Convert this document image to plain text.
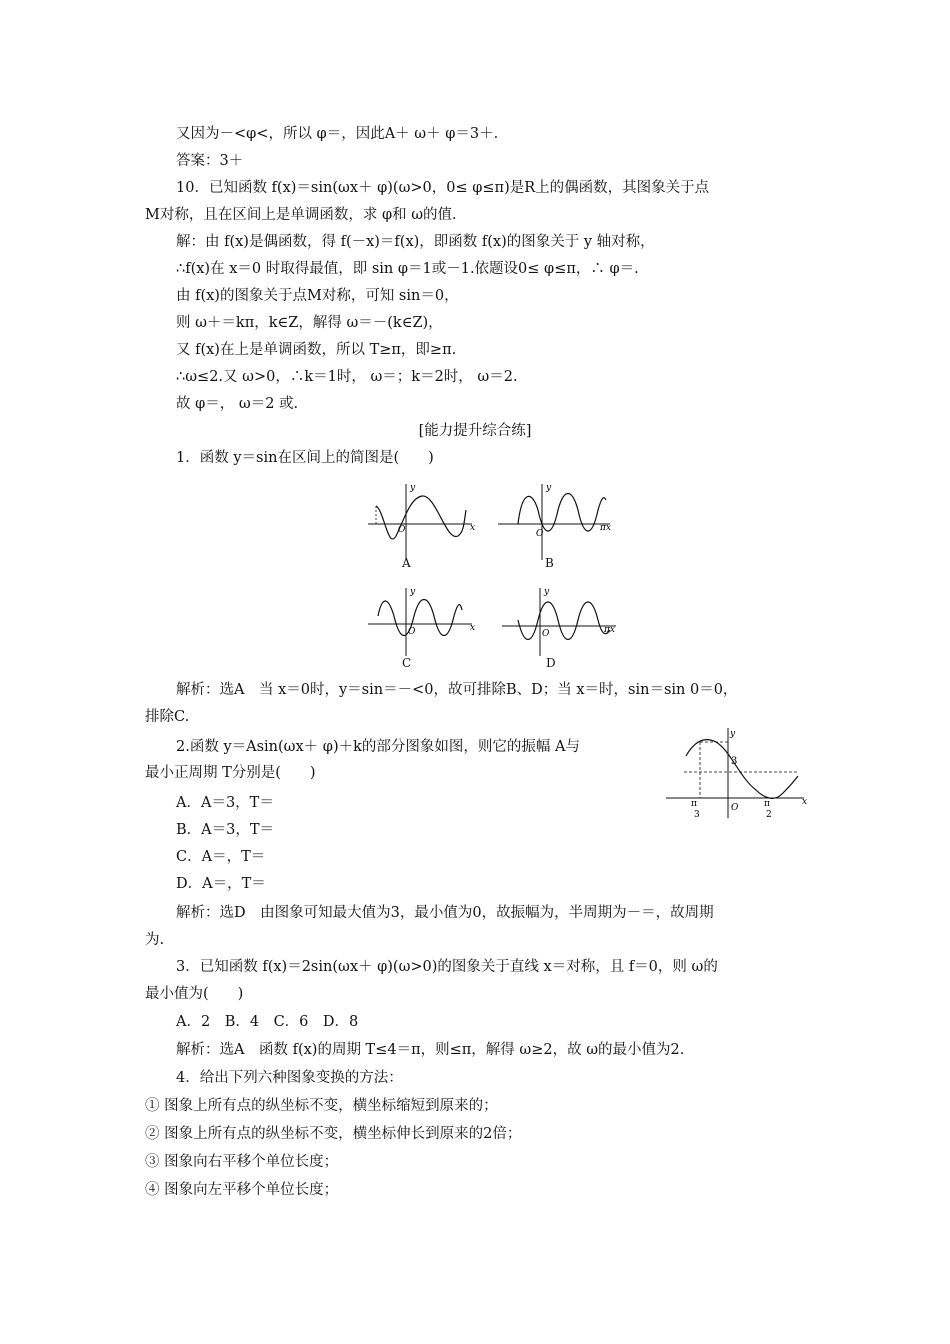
又因为－<φ<，所以 φ＝，因此A＋ ω＋ φ＝3＋.
答案：3＋
10．已知函数 f(x)＝sin(ωx＋ φ)(ω>0，0≤ φ≤π)是R上的偶函数，其图象关于点
M对称，且在区间上是单调函数，求 φ和 ω的值.
解：由 f(x)是偶函数，得 f(－x)＝f(x)，即函数 f(x)的图象关于 y 轴对称，
∴f(x)在 x＝0 时取得最值，即 sin φ＝1或－1.依题设0≤ φ≤π，∴ φ＝.
由 f(x)的图象关于点M对称，可知 sin＝0，
则 ω＋＝kπ，k∈Z，解得 ω＝－(k∈Z)，
又 f(x)在上是单调函数，所以 T≥π，即≥π.
∴ω≤2.又 ω>0，∴k＝1时， ω＝；k＝2时， ω＝2.
故 φ＝， ω＝2 或.
[能力提升综合练]
1．函数 y＝sin在区间上的简图是(　　)
y
x
O
A
y
πx
O
B
y
x
O
C
y
πx
O
D
解析：选A　当 x＝0时，y＝sin＝－<0，故可排除B、D；当 x＝时，sin＝sin 0＝0，
排除C.
2.函数 y＝Asin(ωx＋ φ)＋k的部分图象如图，则它的振幅 A与
最小正周期 T分别是(　　)
A．A＝3，T＝
B．A＝3，T＝
C．A＝，T＝
D．A＝，T＝
y
3
x
O
π
3
π
2
解析：选D　由图象可知最大值为3，最小值为0，故振幅为，半周期为－＝，故周期
为.
3．已知函数 f(x)＝2sin(ωx＋ φ)(ω>0)的图象关于直线 x＝对称，且 f＝0，则 ω的
最小值为(　　)
A．2　B．4　C．6　D．8
解析：选A　函数 f(x)的周期 T≤4＝π，则≤π，解得 ω≥2，故 ω的最小值为2.
4．给出下列六种图象变换的方法：
① 图象上所有点的纵坐标不变，横坐标缩短到原来的；
② 图象上所有点的纵坐标不变，横坐标伸长到原来的2倍；
③ 图象向右平移个单位长度；
④ 图象向左平移个单位长度；
